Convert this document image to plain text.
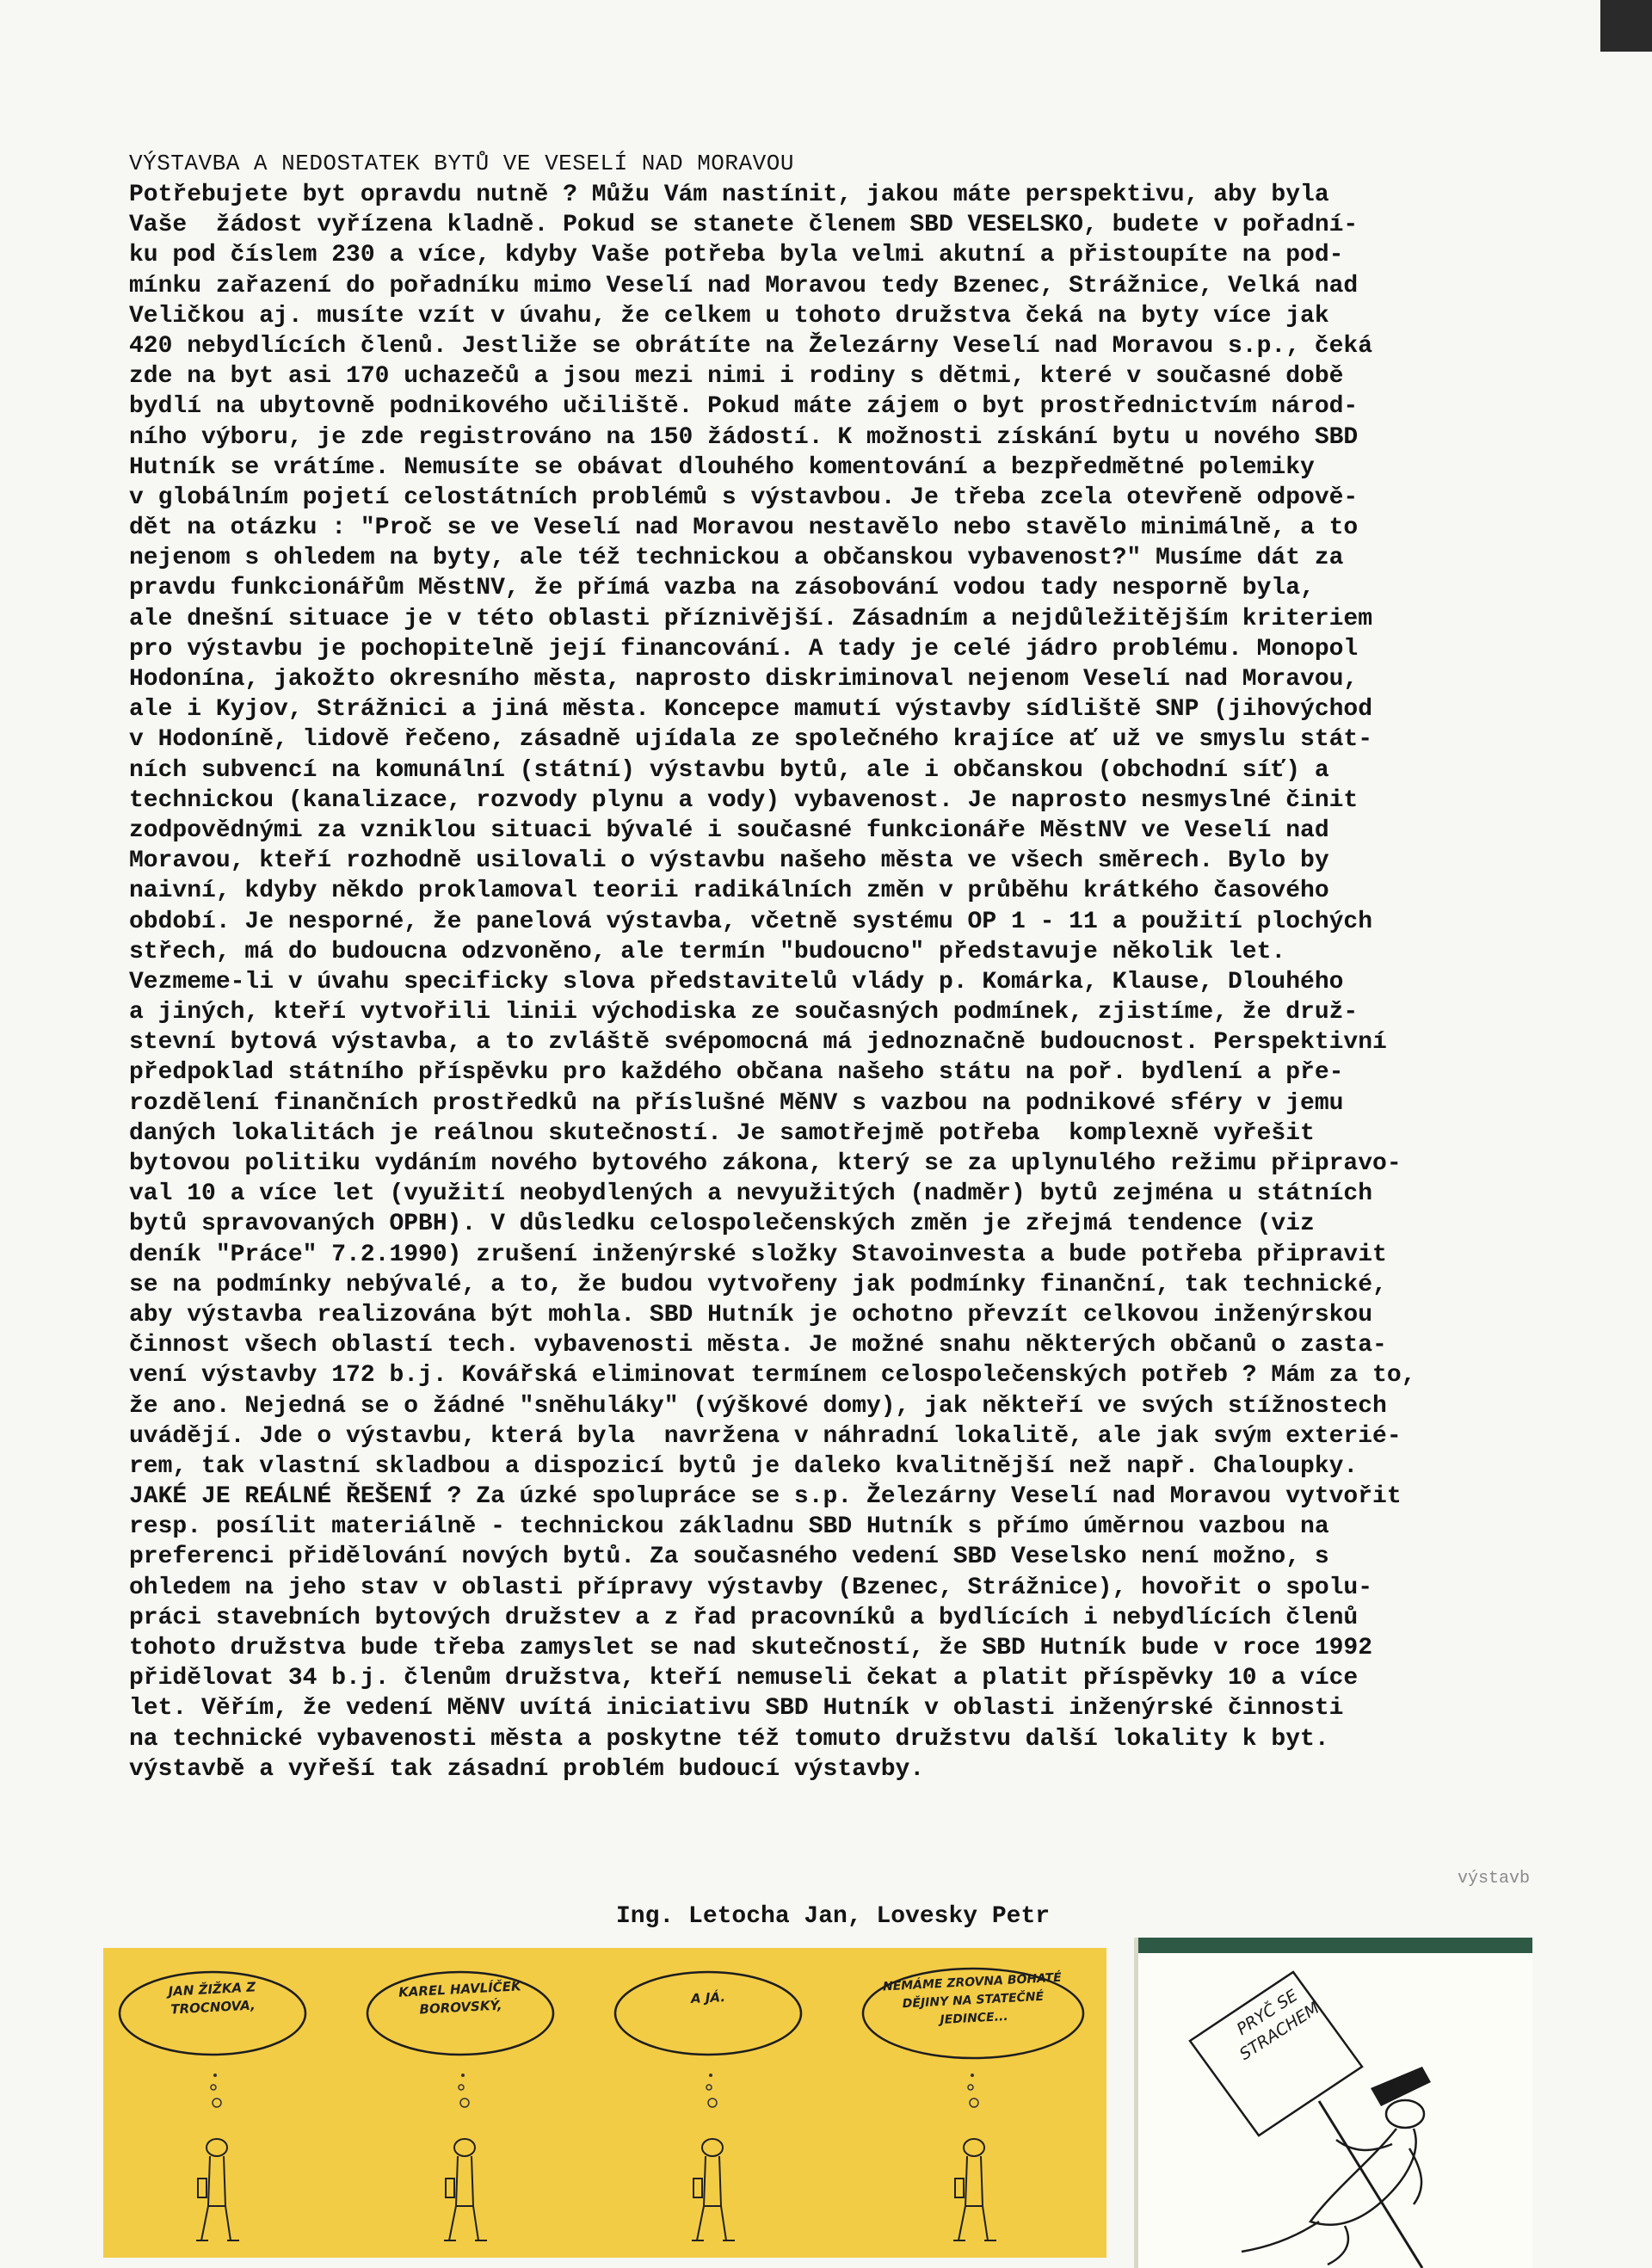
VÝSTAVBA A NEDOSTATEK BYTŮ VE VESELÍ NAD MORAVOU
Potřebujete byt opravdu nutně ? Můžu Vám nastínit, jakou máte perspektivu, aby byla
Vaše  žádost vyřízena kladně. Pokud se stanete členem SBD VESELSKO, budete v pořadní-
ku pod číslem 230 a více, kdyby Vaše potřeba byla velmi akutní a přistoupíte na pod-
mínku zařazení do pořadníku mimo Veselí nad Moravou tedy Bzenec, Strážnice, Velká nad
Veličkou aj. musíte vzít v úvahu, že celkem u tohoto družstva čeká na byty více jak
420 nebydlících členů. Jestliže se obrátíte na Železárny Veselí nad Moravou s.p., čeká
zde na byt asi 170 uchazečů a jsou mezi nimi i rodiny s dětmi, které v současné době
bydlí na ubytovně podnikového učiliště. Pokud máte zájem o byt prostřednictvím národ-
ního výboru, je zde registrováno na 150 žádostí. K možnosti získání bytu u nového SBD
Hutník se vrátíme. Nemusíte se obávat dlouhého komentování a bezpředmětné polemiky
v globálním pojetí celostátních problémů s výstavbou. Je třeba zcela otevřeně odpově-
dět na otázku : "Proč se ve Veselí nad Moravou nestavělo nebo stavělo minimálně, a to
nejenom s ohledem na byty, ale též technickou a občanskou vybavenost?" Musíme dát za
pravdu funkcionářům MěstNV, že přímá vazba na zásobování vodou tady nesporně byla,
ale dnešní situace je v této oblasti příznivější. Zásadním a nejdůležitějším kriteriem
pro výstavbu je pochopitelně její financování. A tady je celé jádro problému. Monopol
Hodonína, jakožto okresního města, naprosto diskriminoval nejenom Veselí nad Moravou,
ale i Kyjov, Strážnici a jiná města. Koncepce mamutí výstavby sídliště SNP (jihovýchod
v Hodoníně, lidově řečeno, zásadně ujídala ze společného krajíce ať už ve smyslu stát-
ních subvencí na komunální (státní) výstavbu bytů, ale i občanskou (obchodní síť) a
technickou (kanalizace, rozvody plynu a vody) vybavenost. Je naprosto nesmyslné činit
zodpovědnými za vzniklou situaci bývalé i současné funkcionáře MěstNV ve Veselí nad
Moravou, kteří rozhodně usilovali o výstavbu našeho města ve všech směrech. Bylo by
naivní, kdyby někdo proklamoval teorii radikálních změn v průběhu krátkého časového
období. Je nesporné, že panelová výstavba, včetně systému OP 1 - 11 a použití plochých
střech, má do budoucna odzvoněno, ale termín "budoucno" představuje několik let.
Vezmeme-li v úvahu specificky slova představitelů vlády p. Komárka, Klause, Dlouhého
a jiných, kteří vytvořili linii východiska ze současných podmínek, zjistíme, že druž-
stevní bytová výstavba, a to zvláště svépomocná má jednoznačně budoucnost. Perspektivní
předpoklad státního příspěvku pro každého občana našeho státu na poř. bydlení a pře-
rozdělení finančních prostředků na příslušné MěNV s vazbou na podnikové sféry v jemu
daných lokalitách je reálnou skutečností. Je samotřejmě potřeba  komplexně vyřešit
bytovou politiku vydáním nového bytového zákona, který se za uplynulého režimu připravo-
val 10 a více let (využití neobydlených a nevyužitých (nadměr) bytů zejména u státních
bytů spravovaných OPBH). V důsledku celospolečenských změn je zřejmá tendence (viz
deník "Práce" 7.2.1990) zrušení inženýrské složky Stavoinvesta a bude potřeba připravit
se na podmínky nebývalé, a to, že budou vytvořeny jak podmínky finanční, tak technické,
aby výstavba realizována být mohla. SBD Hutník je ochotno převzít celkovou inženýrskou
činnost všech oblastí tech. vybavenosti města. Je možné snahu některých občanů o zasta-
vení výstavby 172 b.j. Kovářská eliminovat termínem celospolečenských potřeb ? Mám za to,
že ano. Nejedná se o žádné "sněhuláky" (výškové domy), jak někteří ve svých stížnostech
uvádějí. Jde o výstavbu, která byla  navržena v náhradní lokalitě, ale jak svým exterié-
rem, tak vlastní skladbou a dispozicí bytů je daleko kvalitnější než např. Chaloupky.
JAKÉ JE REÁLNÉ ŘEŠENÍ ? Za úzké spolupráce se s.p. Železárny Veselí nad Moravou vytvořit
resp. posílit materiálně - technickou základnu SBD Hutník s přímo úměrnou vazbou na
preferenci přidělování nových bytů. Za současného vedení SBD Veselsko není možno, s
ohledem na jeho stav v oblasti přípravy výstavby (Bzenec, Strážnice), hovořit o spolu-
práci stavebních bytových družstev a z řad pracovníků a bydlících i nebydlících členů
tohoto družstva bude třeba zamyslet se nad skutečností, že SBD Hutník bude v roce 1992
přidělovat 34 b.j. členům družstva, kteří nemuseli čekat a platit příspěvky 10 a více
let. Věřím, že vedení MěNV uvítá iniciativu SBD Hutník v oblasti inženýrské činnosti
na technické vybavenosti města a poskytne též tomuto družstvu další lokality k byt.
výstavbě a vyřeší tak zásadní problém budoucí výstavby.
výstavb
Ing. Letocha Jan, Lovesky Petr
JAN ŽIŽKA Z TROCNOVA,
KAREL HAVLÍČEK BOROVSKÝ,	A JÁ.
NEMÁME ZROVNA BOHATÉ DĚJINY NA STATEČNÉ JEDINCE...	PRYČ SE STRACHEM
